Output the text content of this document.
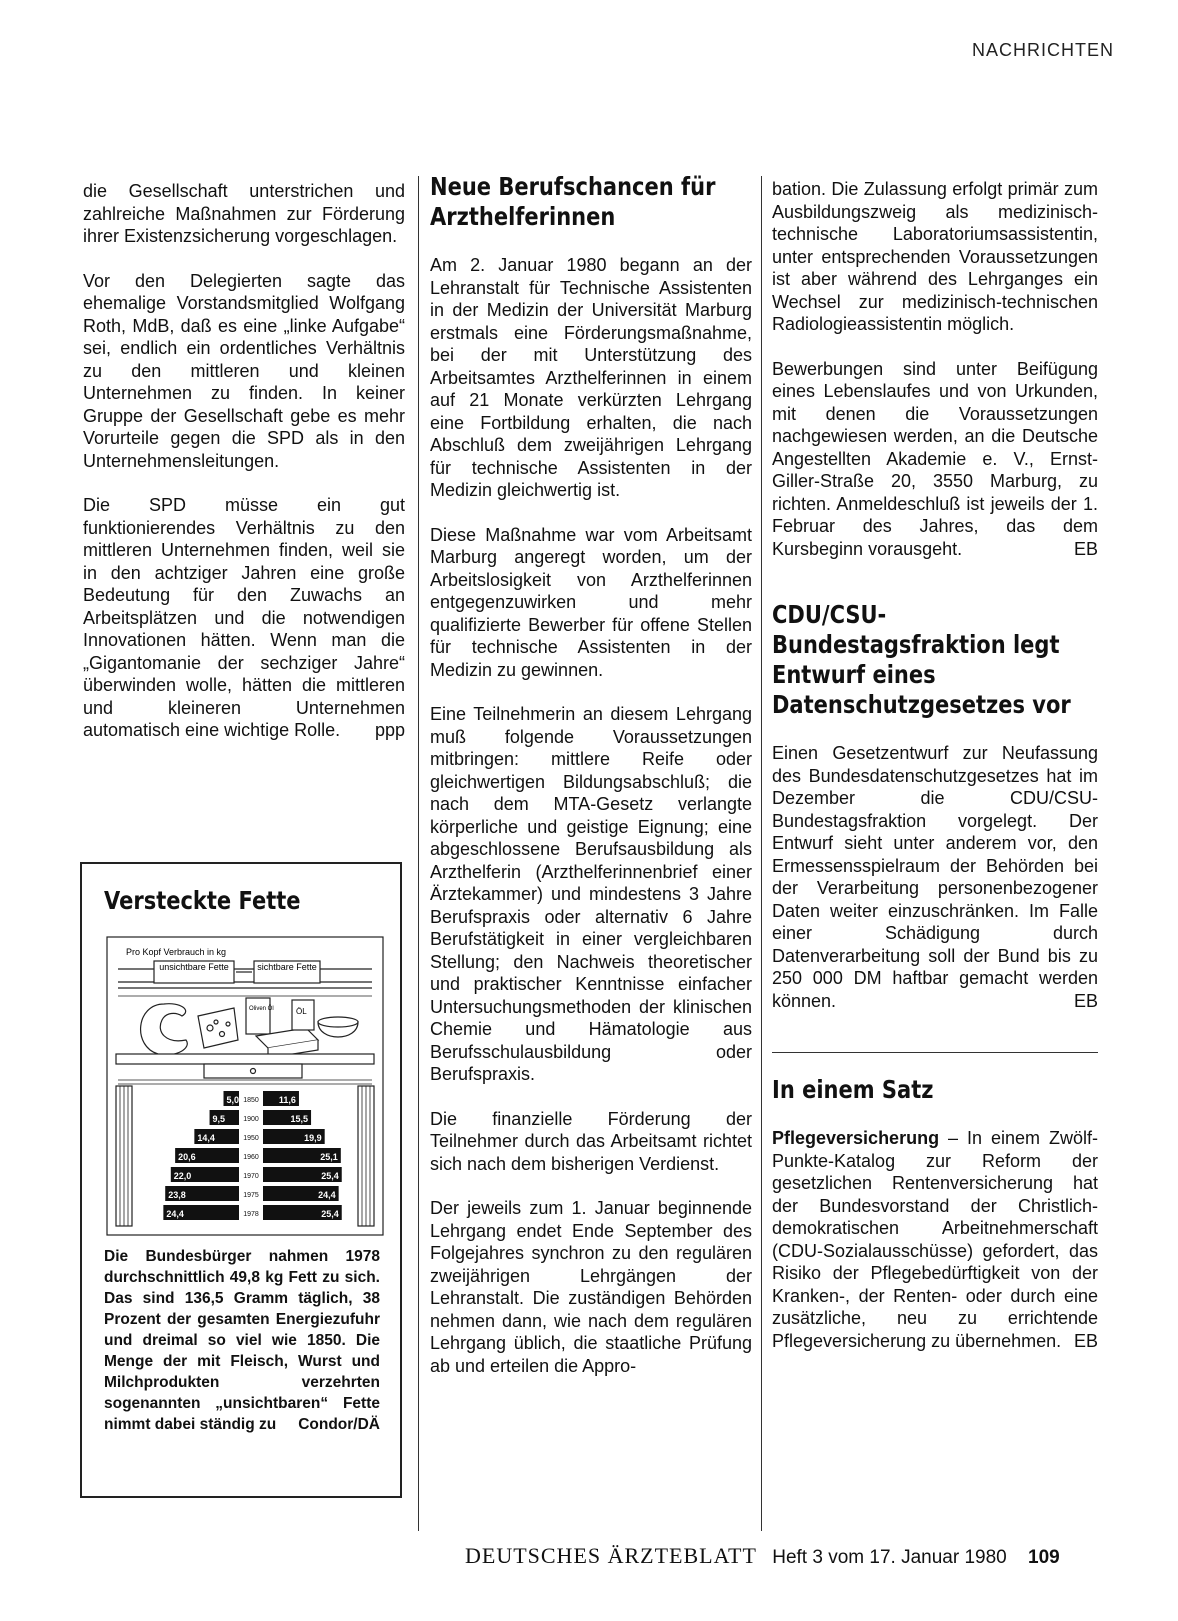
NACHRICHTEN

die Gesellschaft unterstrichen und zahlreiche Maßnahmen zur Förderung ihrer Existenzsicherung vorgeschlagen.

Vor den Delegierten sagte das ehemalige Vorstandsmitglied Wolfgang Roth, MdB, daß es eine „linke Aufgabe“ sei, endlich ein ordentliches Verhältnis zu den mittleren und kleinen Unternehmen zu finden. In keiner Gruppe der Gesellschaft gebe es mehr Vorurteile gegen die SPD als in den Unternehmensleitungen.

Die SPD müsse ein gut funktionierendes Verhältnis zu den mittleren Unternehmen finden, weil sie in den achtziger Jahren eine große Bedeutung für den Zuwachs an Arbeitsplätzen und die notwendigen Innovationen hätten. Wenn man die „Gigantomanie der sechziger Jahre“ überwinden wolle, hätten die mittleren und kleineren Unternehmen automatisch eine wichtige Rolle. ppp

Versteckte Fette
Pro Kopf Verbrauch in kg
unsichtbare Fette	sichtbare Fette
Oliven Öl	ÖL
1850
5,0	11,6
1900
9,5	15,5
1950
14,4	19,9
1960
20,6	25,1
1970
22,0	25,4
1975
23,8	24,4
1978
24,4	25,4

Die Bundesbürger nahmen 1978 durchschnittlich 49,8 kg Fett zu sich. Das sind 136,5 Gramm täglich, 38 Prozent der gesamten Energiezufuhr und dreimal so viel wie 1850. Die Menge der mit Fleisch, Wurst und Milchprodukten verzehrten sogenannten „unsichtbaren“ Fette nimmt dabei ständig zu Condor/DÄ

Neue Berufschancen für Arzthelferinnen

Am 2. Januar 1980 begann an der Lehranstalt für Technische Assistenten in der Medizin der Universität Marburg erstmals eine Förderungsmaßnahme, bei der mit Unterstützung des Arbeitsamtes Arzthelferinnen in einem auf 21 Monate verkürzten Lehrgang eine Fortbildung erhalten, die nach Abschluß dem zweijährigen Lehrgang für technische Assistenten in der Medizin gleichwertig ist.

Diese Maßnahme war vom Arbeitsamt Marburg angeregt worden, um der Arbeitslosigkeit von Arzthelferinnen entgegenzuwirken und mehr qualifizierte Bewerber für offene Stellen für technische Assistenten in der Medizin zu gewinnen.

Eine Teilnehmerin an diesem Lehrgang muß folgende Voraussetzungen mitbringen: mittlere Reife oder gleichwertigen Bildungsabschluß; die nach dem MTA-Gesetz verlangte körperliche und geistige Eignung; eine abgeschlossene Berufsausbildung als Arzthelferin (Arzthelferinnenbrief einer Ärztekammer) und mindestens 3 Jahre Berufspraxis oder alternativ 6 Jahre Berufstätigkeit in einer vergleichbaren Stellung; den Nachweis theoretischer und praktischer Kenntnisse einfacher Untersuchungsmethoden der klinischen Chemie und Hämatologie aus Berufsschulausbildung oder Berufspraxis.

Die finanzielle Förderung der Teilnehmer durch das Arbeitsamt richtet sich nach dem bisherigen Verdienst.

Der jeweils zum 1. Januar beginnende Lehrgang endet Ende September des Folgejahres synchron zu den regulären zweijährigen Lehrgängen der Lehranstalt. Die zuständigen Behörden nehmen dann, wie nach dem regulären Lehrgang üblich, die staatliche Prüfung ab und erteilen die Appro-

bation. Die Zulassung erfolgt primär zum Ausbildungszweig als medizinisch-technische Laboratoriumsassistentin, unter entsprechenden Voraussetzungen ist aber während des Lehrganges ein Wechsel zur medizinisch-technischen Radiologieassistentin möglich.

Bewerbungen sind unter Beifügung eines Lebenslaufes und von Urkunden, mit denen die Voraussetzungen nachgewiesen werden, an die Deutsche Angestellten Akademie e. V., Ernst-Giller-Straße 20, 3550 Marburg, zu richten. Anmeldeschluß ist jeweils der 1. Februar des Jahres, das dem Kursbeginn vorausgeht.	EB

CDU/CSU-Bundestagsfraktion legt Entwurf eines Datenschutzgesetzes vor

Einen Gesetzentwurf zur Neufassung des Bundesdatenschutzgesetzes hat im Dezember die CDU/CSU-Bundestagsfraktion vorgelegt. Der Entwurf sieht unter anderem vor, den Ermessensspielraum der Behörden bei der Verarbeitung personenbezogener Daten weiter einzuschränken. Im Falle einer Schädigung durch Datenverarbeitung soll der Bund bis zu 250 000 DM haftbar gemacht werden können.	EB

In einem Satz

Pflegeversicherung – In einem Zwölf-Punkte-Katalog zur Reform der gesetzlichen Rentenversicherung hat der Bundesvorstand der Christlich-demokratischen Arbeitnehmerschaft (CDU-Sozialausschüsse) gefordert, das Risiko der Pflegebedürftigkeit von der Kranken-, der Renten- oder durch eine zusätzliche, neu zu errichtende Pflegeversicherung zu übernehmen. EB

DEUTSCHES ÄRZTEBLATT Heft 3 vom 17. Januar 1980 109
